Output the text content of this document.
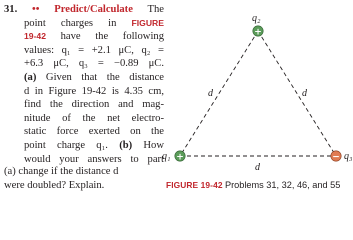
31. •• Predict/Calculate The
point charges in FIGURE
19-42 have the following
values: q₁ = +2.1 μC, q₂ =
+6.3 μC, q₃ = −0.89 μC.
(a) Given that the distance
d in Figure 19-42 is 4.35 cm,
find the direction and mag-
nitude of the net electro-
static force exerted on the
point charge q₁. (b) How
would your answers to part
(a) change if the distance d
were doubled? Explain.
+
q₂
+
q₁	− q₃
d	d
d
FIGURE 19-42 Problems 31, 32, 46, and 55
